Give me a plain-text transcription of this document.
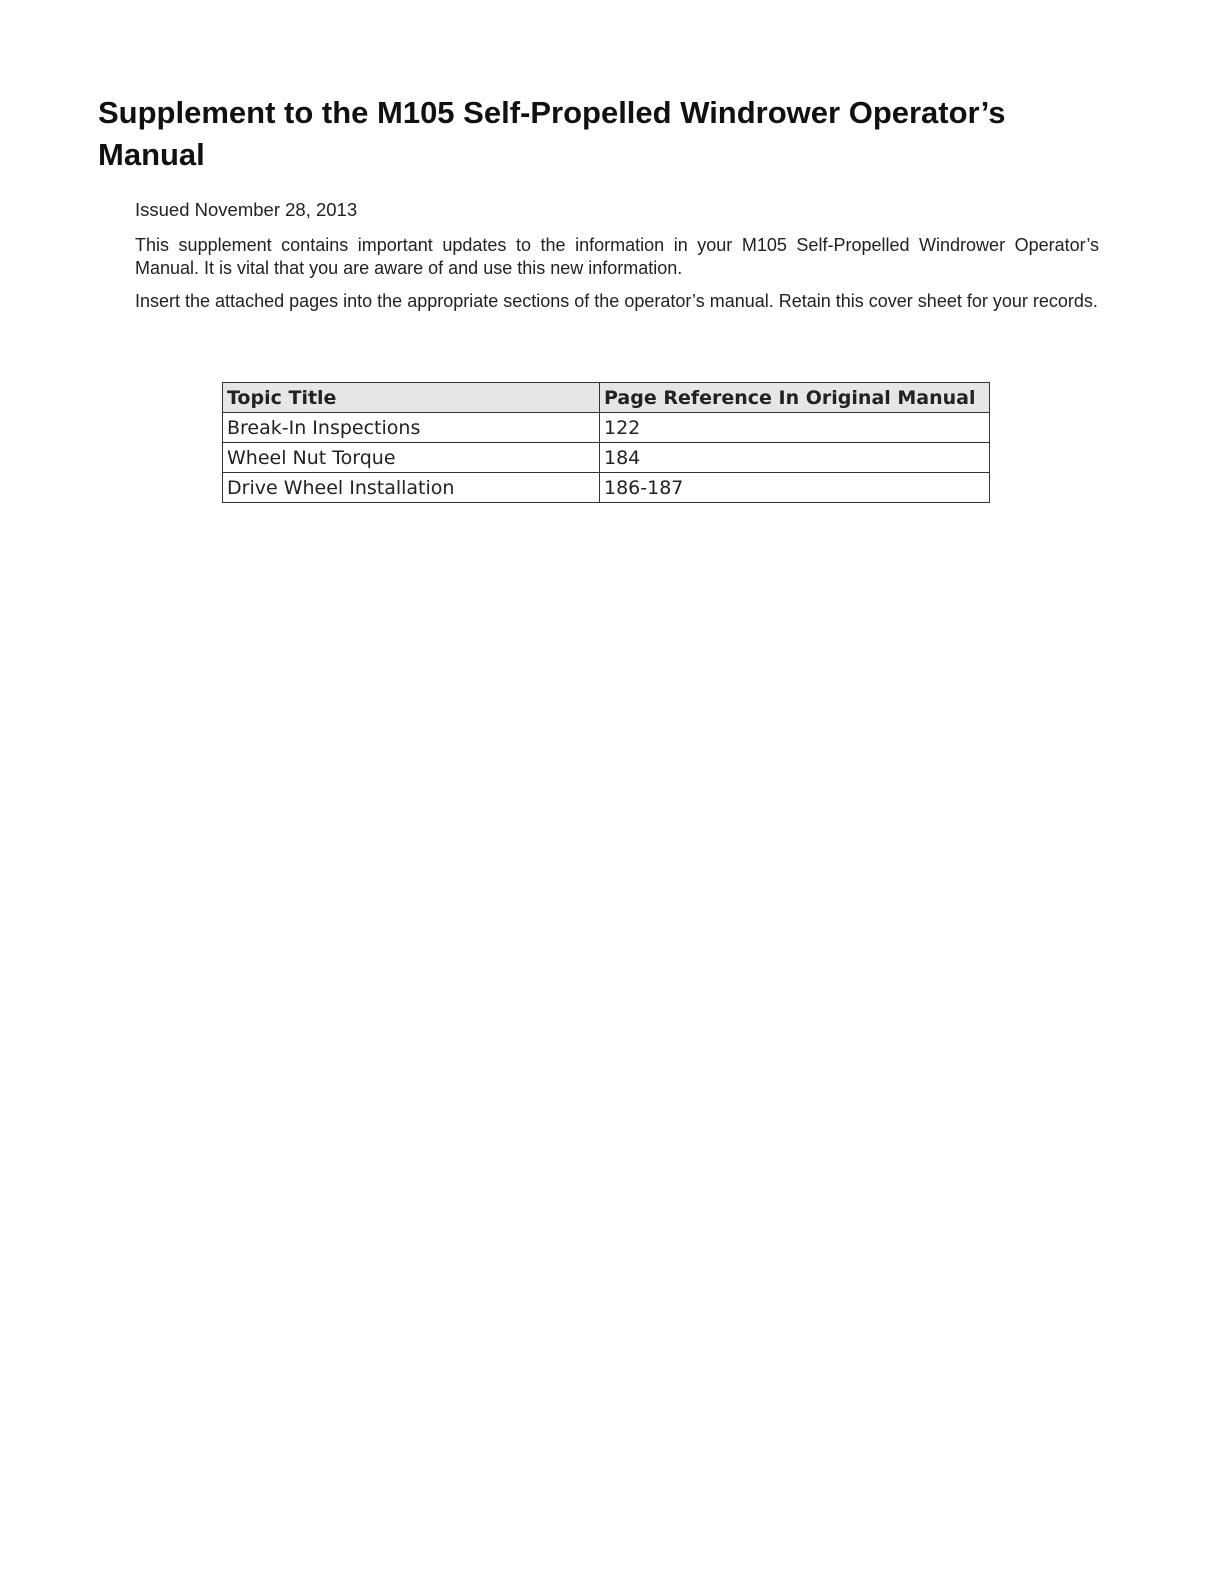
Supplement to the M105 Self-Propelled Windrower Operator’s Manual

Issued November 28, 2013

This supplement contains important updates to the information in your M105 Self-Propelled Windrower Operator’s Manual. It is vital that you are aware of and use this new information.

Insert the attached pages into the appropriate sections of the operator’s manual. Retain this cover sheet for your records.

Topic Title	Page Reference In Original Manual
Break-In Inspections	122
Wheel Nut Torque	184
Drive Wheel Installation	186-187
